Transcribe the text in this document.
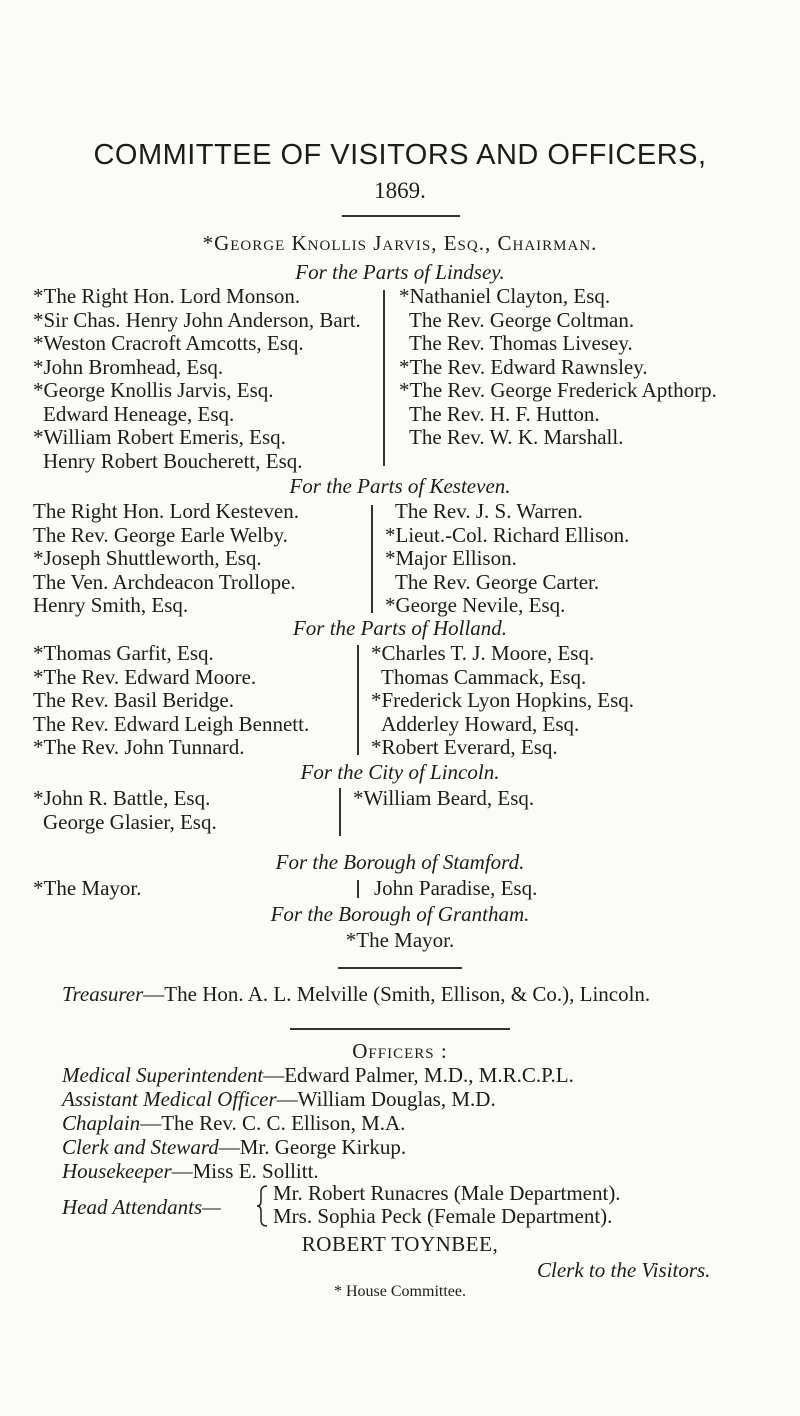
COMMITTEE OF VISITORS AND OFFICERS,
1869.
*George Knollis Jarvis, Esq., Chairman.
For the Parts of Lindsey.
*The Right Hon. Lord Monson.
*Sir Chas. Henry John Anderson, Bart.
*Weston Cracroft Amcotts, Esq.
*John Bromhead, Esq.
*George Knollis Jarvis, Esq.
Edward Heneage, Esq.
*William Robert Emeris, Esq.
Henry Robert Boucherett, Esq.
*Nathaniel Clayton, Esq.
The Rev. George Coltman.
The Rev. Thomas Livesey.
*The Rev. Edward Rawnsley.
*The Rev. George Frederick Apthorp.
The Rev. H. F. Hutton.
The Rev. W. K. Marshall.
For the Parts of Kesteven.
The Right Hon. Lord Kesteven.
The Rev. George Earle Welby.
*Joseph Shuttleworth, Esq.
The Ven. Archdeacon Trollope.
Henry Smith, Esq.
The Rev. J. S. Warren.
*Lieut.-Col. Richard Ellison.
*Major Ellison.
The Rev. George Carter.
*George Nevile, Esq.
For the Parts of Holland.
*Thomas Garfit, Esq.
*The Rev. Edward Moore.
The Rev. Basil Beridge.
The Rev. Edward Leigh Bennett.
*The Rev. John Tunnard.
*Charles T. J. Moore, Esq.
Thomas Cammack, Esq.
*Frederick Lyon Hopkins, Esq.
Adderley Howard, Esq.
*Robert Everard, Esq.
For the City of Lincoln.
*John R. Battle, Esq.
George Glasier, Esq.
*William Beard, Esq.
For the Borough of Stamford.
*The Mayor.	John Paradise, Esq.
For the Borough of Grantham.
*The Mayor.
Treasurer—The Hon. A. L. Melville (Smith, Ellison, & Co.), Lincoln.
Officers :
Medical Superintendent—Edward Palmer, M.D., M.R.C.P.L.
Assistant Medical Officer—William Douglas, M.D.
Chaplain—The Rev. C. C. Ellison, M.A.
Clerk and Steward—Mr. George Kirkup.
Housekeeper—Miss E. Sollitt.
Head Attendants—
Mr. Robert Runacres (Male Department).
Mrs. Sophia Peck (Female Department).
ROBERT TOYNBEE,
Clerk to the Visitors.
* House Committee.
